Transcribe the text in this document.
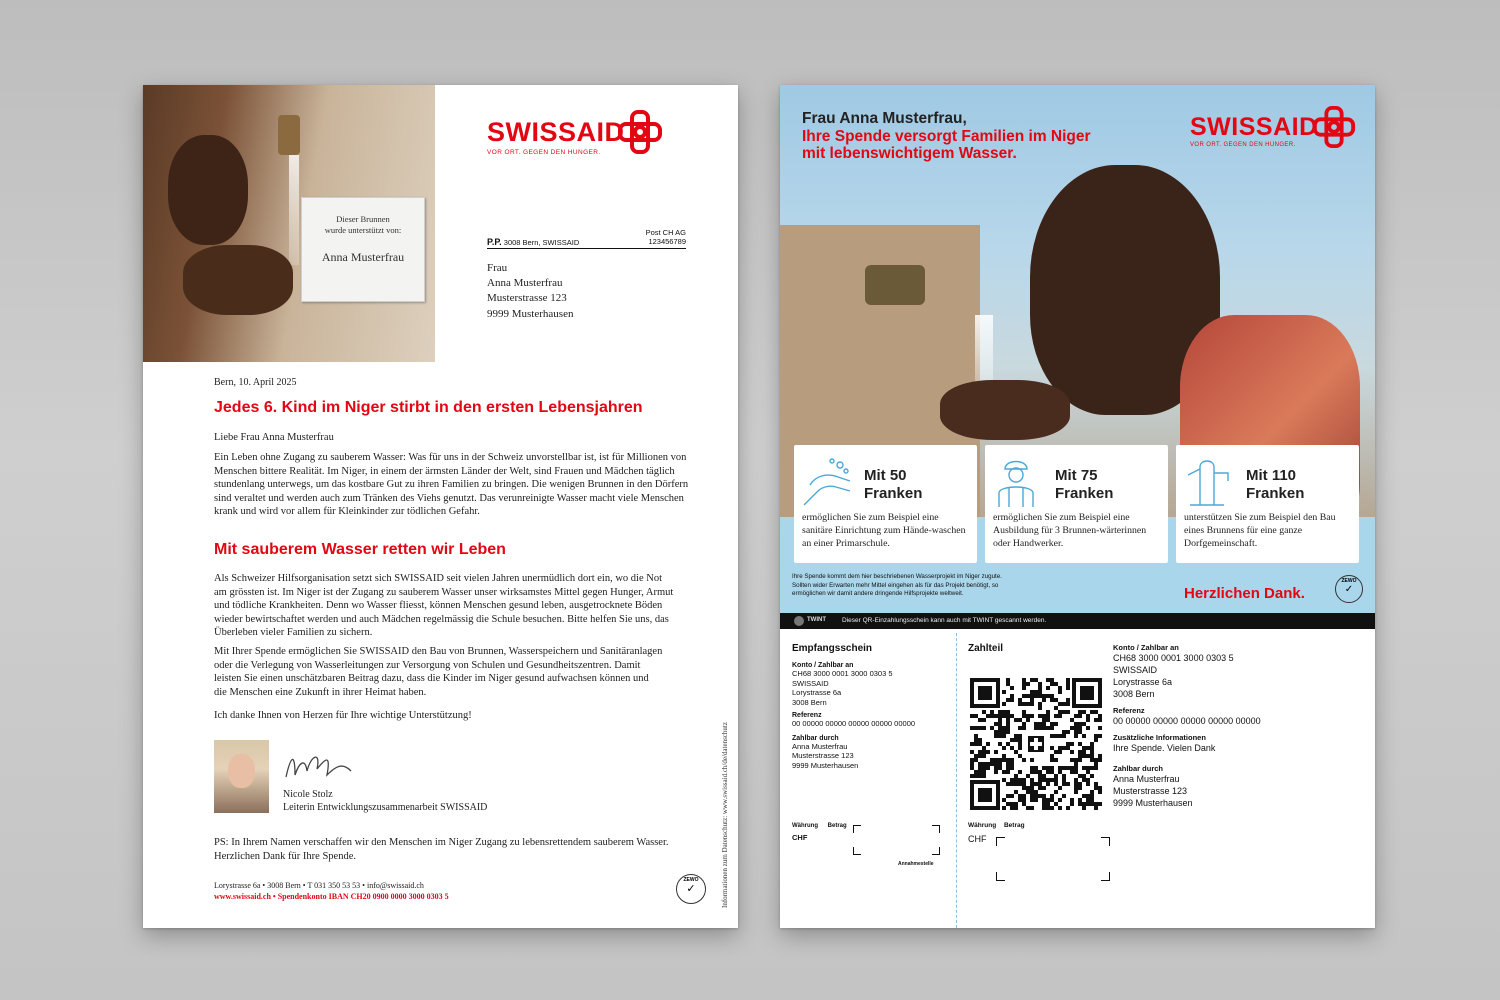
Dieser Brunnen
wurde unterstützt von:
Anna Musterfrau
SWISSAID
VOR ORT. GEGEN DEN HUNGER.
Post CH AG
P.P. 3008 Bern, SWISSAID	123456789
Frau
Anna Musterfrau
Musterstrasse 123
9999 Musterhausen
Bern, 10. April 2025
Jedes 6. Kind im Niger stirbt in den ersten Lebensjahren
Liebe Frau Anna Musterfrau
Ein Leben ohne Zugang zu sauberem Wasser: Was für uns in der Schweiz unvorstellbar ist, ist für Millionen von Menschen bittere Realität. Im Niger, in einem der ärmsten Länder der Welt, sind Frauen und Mädchen täglich stundenlang unterwegs, um das kostbare Gut zu ihren Familien zu bringen. Die wenigen Brunnen in den Dörfern sind veraltet und werden auch zum Tränken des Viehs genutzt. Das verunreinigte Wasser macht viele Menschen krank und wird vor allem für Kleinkinder zur tödlichen Gefahr.
Mit sauberem Wasser retten wir Leben
Als Schweizer Hilfsorganisation setzt sich SWISSAID seit vielen Jahren unermüdlich dort ein, wo die Not am grössten ist. Im Niger ist der Zugang zu sauberem Wasser unser wirksamstes Mittel gegen Hunger, Armut und tödliche Krankheiten. Denn wo Wasser fliesst, können Menschen gesund leben, ausgetrocknete Böden wieder bewirtschaftet werden und auch Mädchen regelmässig die Schule besuchen. Bitte helfen Sie uns, das Überleben vieler Familien zu sichern.
Mit Ihrer Spende ermöglichen Sie SWISSAID den Bau von Brunnen, Wasserspeichern und Sanitäranlagen oder die Verlegung von Wasserleitungen zur Versorgung von Schulen und Gesundheitszentren. Damit leisten Sie einen unschätzbaren Beitrag dazu, dass die Kinder im Niger gesund aufwachsen können und die Menschen eine Zukunft in ihrer Heimat haben.
Ich danke Ihnen von Herzen für Ihre wichtige Unterstützung!
Nicole Stolz
Leiterin Entwicklungszusammenarbeit SWISSAID
PS: In Ihrem Namen verschaffen wir den Menschen im Niger Zugang zu lebensrettendem sauberem Wasser. Herzlichen Dank für Ihre Spende.
Lorystrasse 6a • 3008 Bern • T 031 350 53 53 • info@swissaid.ch
www.swissaid.ch • Spendenkonto IBAN CH20 0900 0000 3000 0303 5
ZEWO
✓	Informationen zum Datenschutz: www.swissaid.ch/de/datenschutz
Frau Anna Musterfrau,
Ihre Spende versorgt Familien im Niger
mit lebenswichtigem Wasser.
SWISSAID
VOR ORT. GEGEN DEN HUNGER.
Mit 50
Franken
ermöglichen Sie zum Beispiel eine sanitäre Einrichtung zum Hände-waschen an einer Primarschule.
Mit 75
Franken
ermöglichen Sie zum Beispiel eine Ausbildung für 3 Brunnen-wärterinnen oder Handwerker.
Mit 110
Franken
unterstützen Sie zum Beispiel den Bau eines Brunnens für eine ganze Dorfgemeinschaft.
Ihre Spende kommt dem hier beschriebenen Wasserprojekt im Niger zugute.
Sollten wider Erwarten mehr Mittel eingehen als für das Projekt benötigt, so
ermöglichen wir damit andere dringende Hilfsprojekte weltweit.	Herzlichen Dank.
ZEWO
✓
TWINT Dieser QR-Einzahlungsschein kann auch mit TWINT gescannt werden.
Empfangsschein
Konto / Zahlbar an
CH68 3000 0001 3000 0303 5
SWISSAID
Lorystrasse 6a
3008 Bern
Referenz
00 00000 00000 00000 00000 00000
Zahlbar durch
Anna Musterfrau
Musterstrasse 123
9999 Musterhausen
Währung Betrag
CHF
Annahmestelle
Zahlteil
Währung Betrag
CHF
Konto / Zahlbar an
CH68 3000 0001 3000 0303 5
SWISSAID
Lorystrasse 6a
3008 Bern
Referenz
00 00000 00000 00000 00000 00000
Zusätzliche Informationen
Ihre Spende. Vielen Dank
Zahlbar durch
Anna Musterfrau
Musterstrasse 123
9999 Musterhausen
